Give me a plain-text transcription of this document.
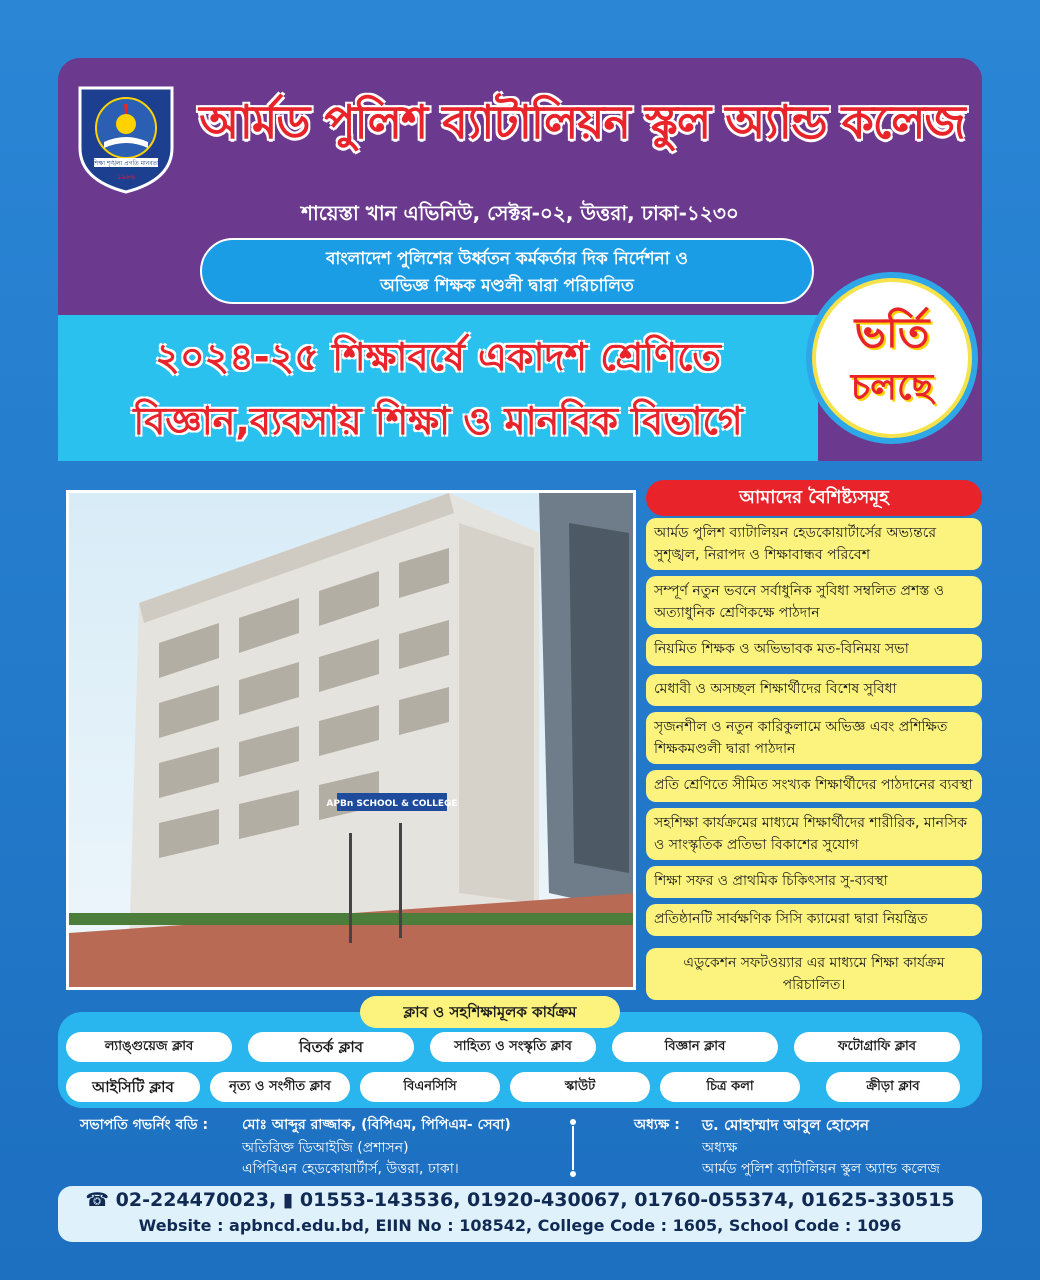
শিক্ষা শৃঙ্খলা প্রগতি মানবতা
১৯৮৬
আর্মড পুলিশ ব্যাটালিয়ন স্কুল অ্যান্ড কলেজ
শায়েস্তা খান এভিনিউ, সেক্টর-০২, উত্তরা, ঢাকা-১২৩০
বাংলাদেশ পুলিশের উর্ধ্বতন কর্মকর্তার দিক নির্দেশনা ও
অভিজ্ঞ শিক্ষক মণ্ডলী দ্বারা পরিচালিত
২০২৪-২৫ শিক্ষাবর্ষে একাদশ শ্রেণিতে
বিজ্ঞান,ব্যবসায় শিক্ষা ও মানবিক বিভাগে
ভর্তি
চলছে
APBn SCHOOL & COLLEGE
আমাদের বৈশিষ্ট্যসমূহ
আর্মড পুলিশ ব্যাটালিয়ন হেডকোয়ার্টার্সের অভ্যন্তরে সুশৃঙ্খল, নিরাপদ ও শিক্ষাবান্ধব পরিবেশ
সম্পূর্ণ নতুন ভবনে সর্বাধুনিক সুবিধা সম্বলিত প্রশস্ত ও অত্যাধুনিক শ্রেণিকক্ষে পাঠদান
নিয়মিত শিক্ষক ও অভিভাবক মত-বিনিময় সভা
মেধাবী ও অসচ্ছল শিক্ষার্থীদের বিশেষ সুবিধা
সৃজনশীল ও নতুন কারিকুলামে অভিজ্ঞ এবং প্রশিক্ষিত শিক্ষকমণ্ডলী দ্বারা পাঠদান
প্রতি শ্রেণিতে সীমিত সংখ্যক শিক্ষার্থীদের পাঠদানের ব্যবস্থা
সহশিক্ষা কার্যক্রমের মাধ্যমে শিক্ষার্থীদের শারীরিক, মানসিক ও সাংস্কৃতিক প্রতিভা বিকাশের সুযোগ
শিক্ষা সফর ও প্রাথমিক চিকিৎসার সু-ব্যবস্থা
প্রতিষ্ঠানটি সার্বক্ষণিক সিসি ক্যামেরা দ্বারা নিয়ন্ত্রিত
এডুকেশন সফটওয়্যার এর মাধ্যমে শিক্ষা কার্যক্রম পরিচালিত।
ক্লাব ও সহশিক্ষামূলক কার্যক্রম
ল্যাঙ্গুয়েজ ক্লাব	বিতর্ক ক্লাব	সাহিত্য ও সংস্কৃতি ক্লাব	বিজ্ঞান ক্লাব	ফটোগ্রাফি ক্লাব
আইসিটি ক্লাব	নৃত্য ও সংগীত ক্লাব	বিএনসিসি	স্কাউট	চিত্র কলা	ক্রীড়া ক্লাব
সভাপতি গভর্নিং বডি : মোঃ আব্দুর রাজ্জাক, (বিপিএম, পিপিএম- সেবা)
অতিরিক্ত ডিআইজি (প্রশাসন)
এপিবিএন হেডকোয়ার্টার্স, উত্তরা, ঢাকা।
অধ্যক্ষ : ড. মোহাম্মাদ আবুল হোসেন
অধ্যক্ষ
আর্মড পুলিশ ব্যাটালিয়ন স্কুল অ্যান্ড কলেজ
☎ 02-224470023, ▮ 01553-143536, 01920-430067, 01760-055374, 01625-330515
Website : apbncd.edu.bd, EIIN No : 108542, College Code : 1605, School Code : 1096
